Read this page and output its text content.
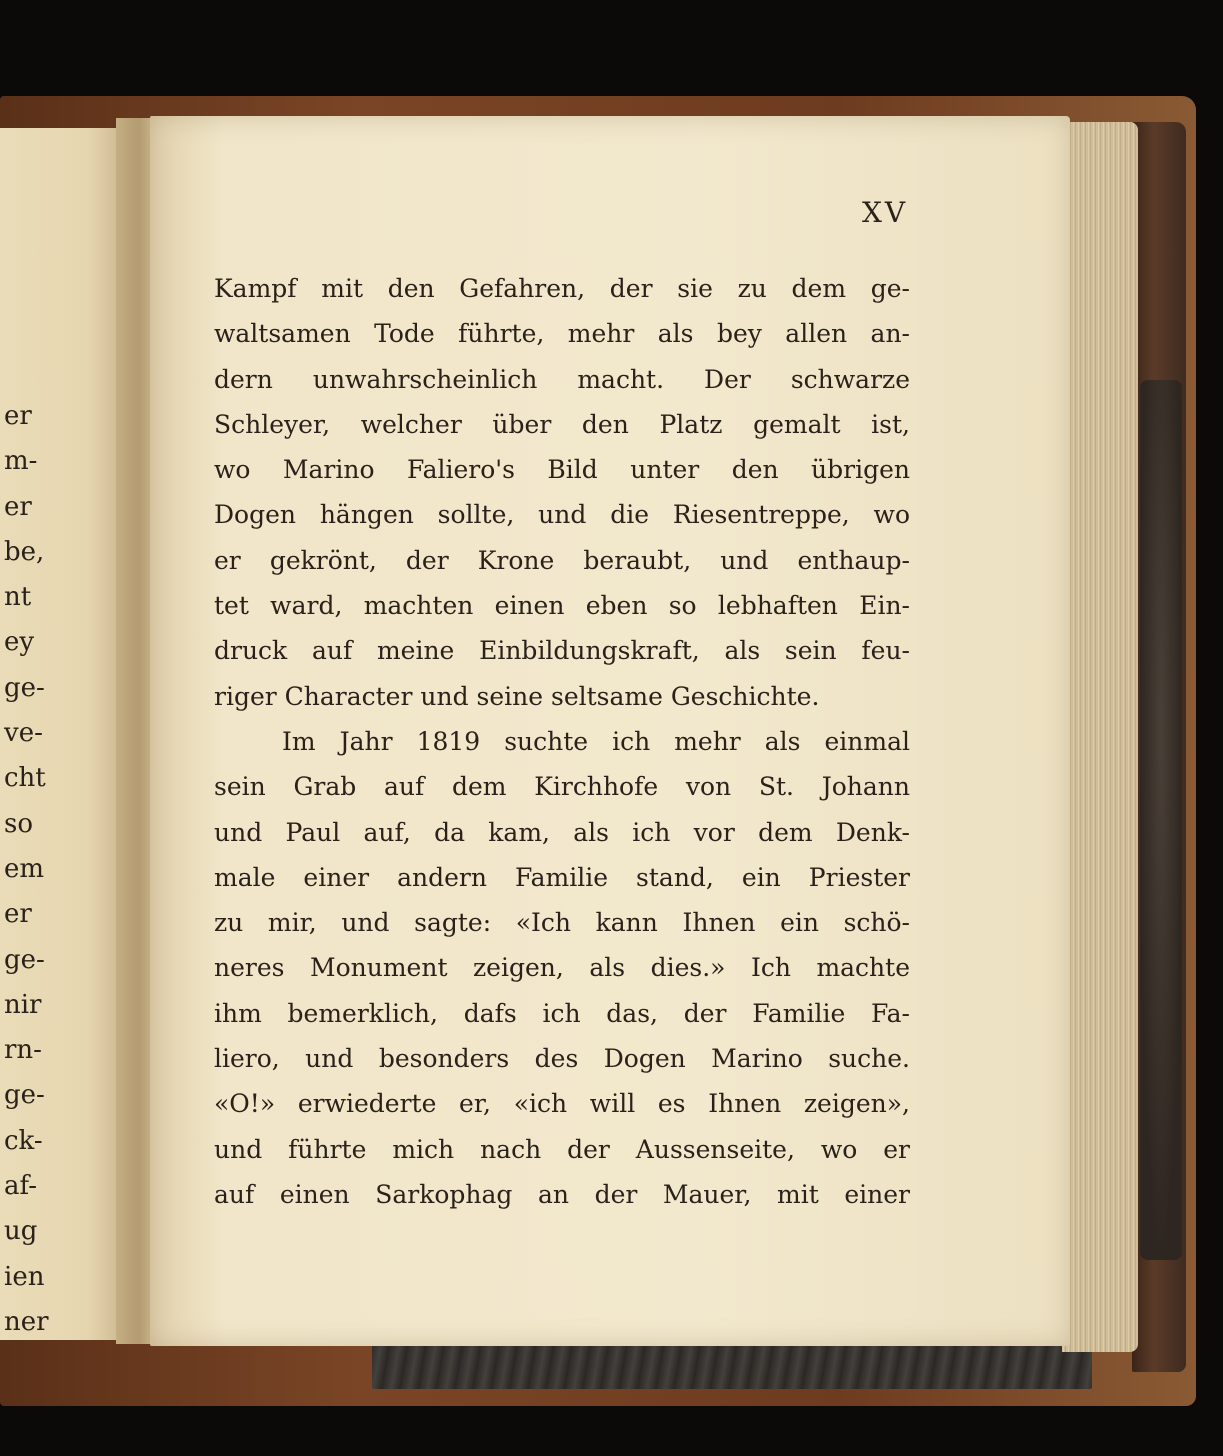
er
m-
er
be,
nt
ey
ge-
ve-
cht
so
em
er
ge-
nir
rn-
ge-
ck-
af-
ug
ien
ner
XV
Kampf mit den Gefahren, der sie zu dem ge-
waltsamen Tode führte, mehr als bey allen an-
dern unwahrscheinlich macht. Der schwarze
Schleyer, welcher über den Platz gemalt ist,
wo Marino Faliero's Bild unter den übrigen
Dogen hängen sollte, und die Riesentreppe, wo
er gekrönt, der Krone beraubt, und enthaup-
tet ward, machten einen eben so lebhaften Ein-
druck auf meine Einbildungskraft, als sein feu-
riger Character und seine seltsame Geschichte.
Im Jahr 1819 suchte ich mehr als einmal
sein Grab auf dem Kirchhofe von St. Johann
und Paul auf, da kam, als ich vor dem Denk-
male einer andern Familie stand, ein Priester
zu mir, und sagte: «Ich kann Ihnen ein schö-
neres Monument zeigen, als dies.» Ich machte
ihm bemerklich, dafs ich das, der Familie Fa-
liero, und besonders des Dogen Marino suche.
«O!» erwiederte er, «ich will es Ihnen zeigen»,
und führte mich nach der Aussenseite, wo er
auf einen Sarkophag an der Mauer, mit einer
